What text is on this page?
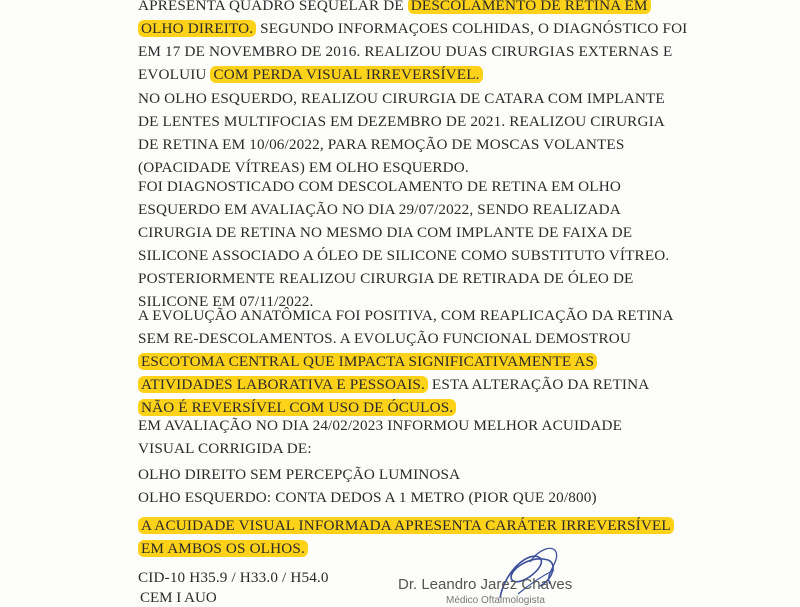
APRESENTA QUADRO SEQUELAR DE DESCOLAMENTO DE RETINA EM
OLHO DIREITO. SEGUNDO INFORMAÇOES COLHIDAS, O DIAGNÓSTICO FOI
EM 17 DE NOVEMBRO DE 2016. REALIZOU DUAS CIRURGIAS EXTERNAS E
EVOLUIU COM PERDA VISUAL IRREVERSÍVEL.
NO OLHO ESQUERDO, REALIZOU CIRURGIA DE CATARA COM IMPLANTE
DE LENTES MULTIFOCIAS EM DEZEMBRO DE 2021. REALIZOU CIRURGIA
DE RETINA EM 10/06/2022, PARA REMOÇÃO DE MOSCAS VOLANTES
(OPACIDADE VÍTREAS) EM OLHO ESQUERDO.
FOI DIAGNOSTICADO COM DESCOLAMENTO DE RETINA EM OLHO
ESQUERDO EM AVALIAÇÃO NO DIA 29/07/2022, SENDO REALIZADA
CIRURGIA DE RETINA NO MESMO DIA COM IMPLANTE DE FAIXA DE
SILICONE ASSOCIADO A ÓLEO DE SILICONE COMO SUBSTITUTO VÍTREO.
POSTERIORMENTE REALIZOU CIRURGIA DE RETIRADA DE ÓLEO DE
SILICONE EM 07/11/2022.
A EVOLUÇÃO ANATÔMICA FOI POSITIVA, COM REAPLICAÇÃO DA RETINA
SEM RE-DESCOLAMENTOS. A EVOLUÇÃO FUNCIONAL DEMOSTROU
ESCOTOMA CENTRAL QUE IMPACTA SIGNIFICATIVAMENTE AS
ATIVIDADES LABORATIVA E PESSOAIS. ESTA ALTERAÇÃO DA RETINA
NÃO É REVERSÍVEL COM USO DE ÓCULOS.
EM AVALIAÇÃO NO DIA 24/02/2023 INFORMOU MELHOR ACUIDADE
VISUAL CORRIGIDA DE:
OLHO DIREITO SEM PERCEPÇÃO LUMINOSA
OLHO ESQUERDO: CONTA DEDOS A 1 METRO (PIOR QUE 20/800)
A ACUIDADE VISUAL INFORMADA APRESENTA CARÁTER IRREVERSÍVEL
EM AMBOS OS OLHOS.
CID-10 H35.9 / H33.0 / H54.0
CEM I AUO
Dr. Leandro Jarez Chaves
Médico Oftalmologista
